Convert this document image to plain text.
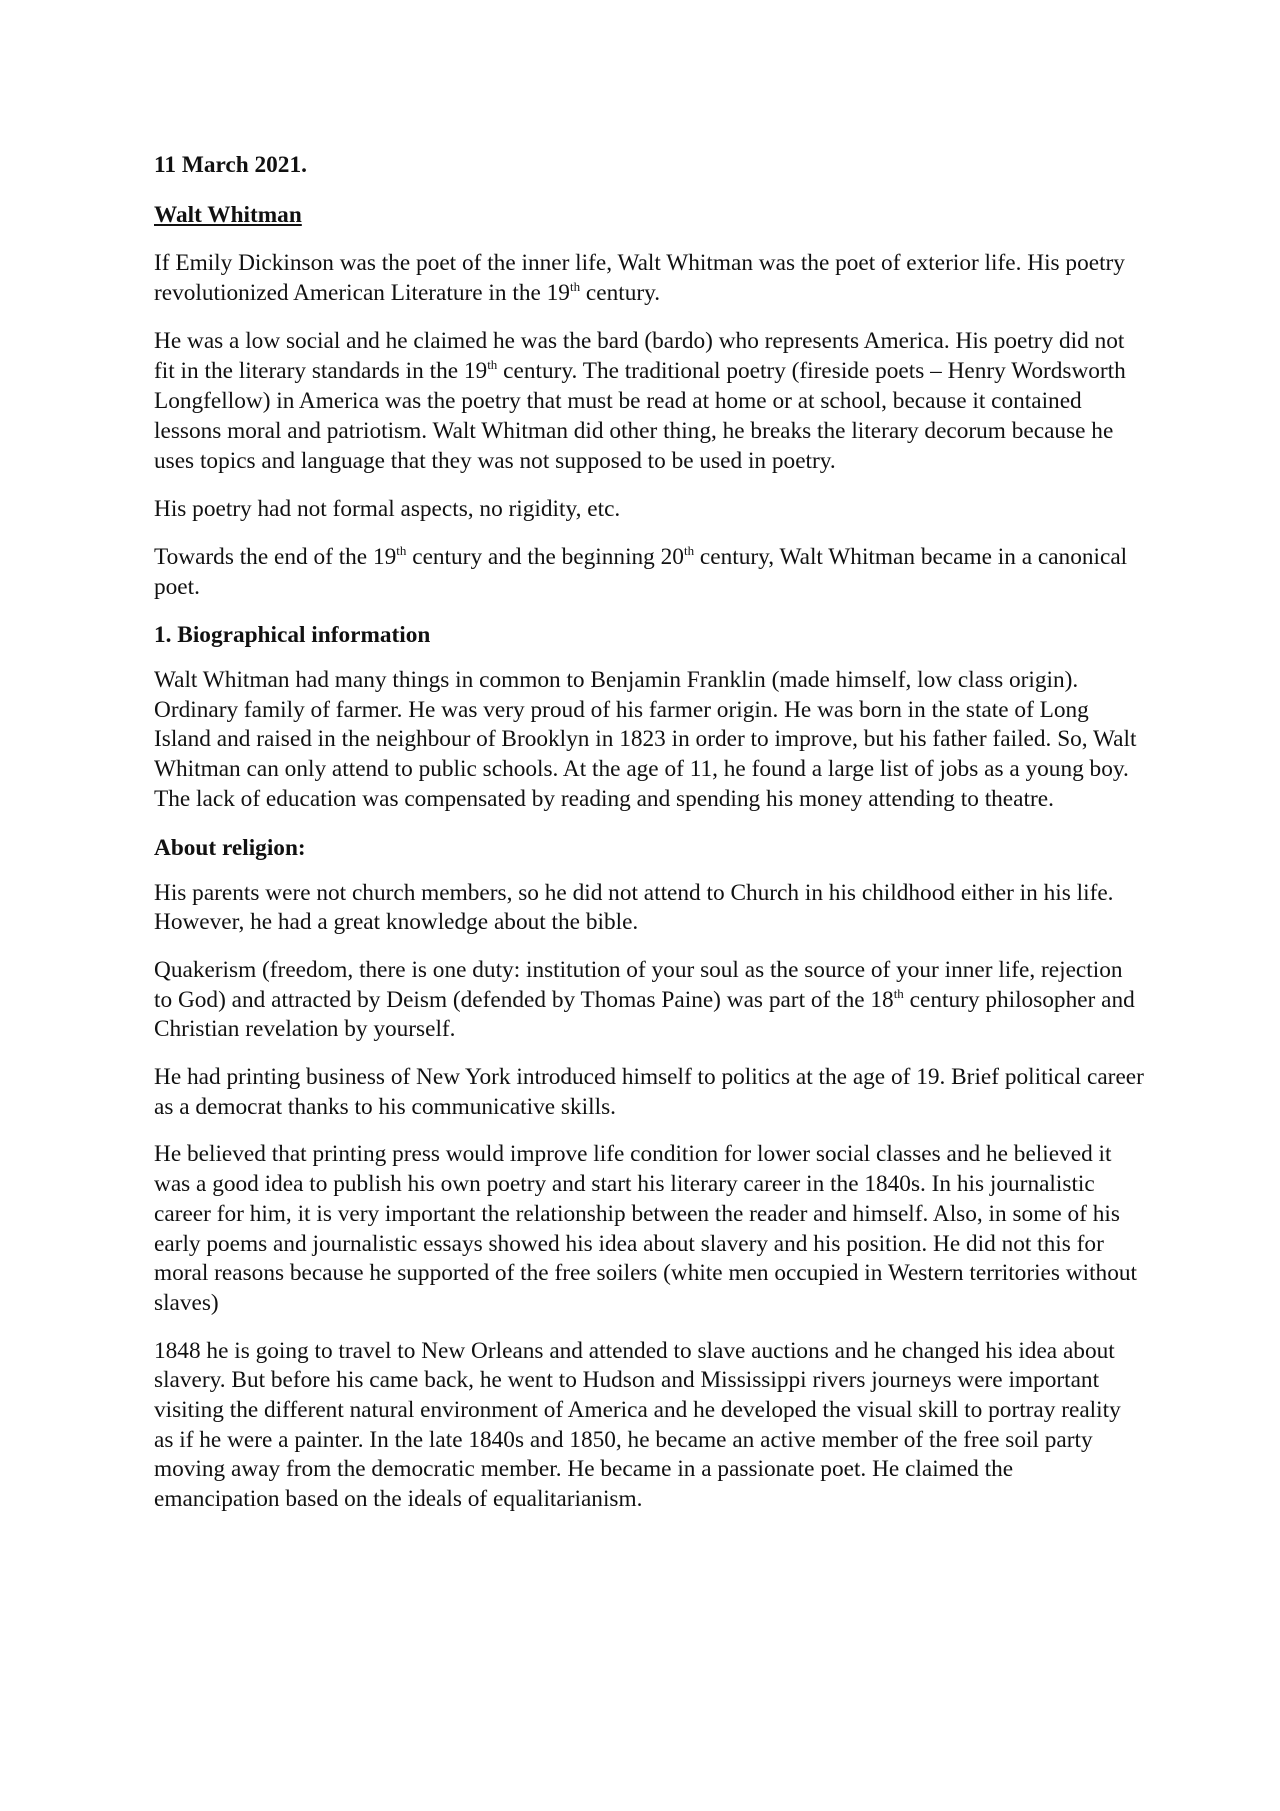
11 March 2021.

Walt Whitman

If Emily Dickinson was the poet of the inner life, Walt Whitman was the poet of exterior life. His poetry revolutionized American Literature in the 19th century.

He was a low social and he claimed he was the bard (bardo) who represents America. His poetry did not fit in the literary standards in the 19th century. The traditional poetry (fireside poets – Henry Wordsworth Longfellow) in America was the poetry that must be read at home or at school, because it contained lessons moral and patriotism. Walt Whitman did other thing, he breaks the literary decorum because he uses topics and language that they was not supposed to be used in poetry.

His poetry had not formal aspects, no rigidity, etc.

Towards the end of the 19th century and the beginning 20th century, Walt Whitman became in a canonical poet.

1. Biographical information

Walt Whitman had many things in common to Benjamin Franklin (made himself, low class origin). Ordinary family of farmer. He was very proud of his farmer origin. He was born in the state of Long Island and raised in the neighbour of Brooklyn in 1823 in order to improve, but his father failed. So, Walt Whitman can only attend to public schools. At the age of 11, he found a large list of jobs as a young boy. The lack of education was compensated by reading and spending his money attending to theatre.

About religion:

His parents were not church members, so he did not attend to Church in his childhood either in his life. However, he had a great knowledge about the bible.

Quakerism (freedom, there is one duty: institution of your soul as the source of your inner life, rejection to God) and attracted by Deism (defended by Thomas Paine) was part of the 18th century philosopher and Christian revelation by yourself.

He had printing business of New York introduced himself to politics at the age of 19. Brief political career as a democrat thanks to his communicative skills.

He believed that printing press would improve life condition for lower social classes and he believed it was a good idea to publish his own poetry and start his literary career in the 1840s. In his journalistic career for him, it is very important the relationship between the reader and himself. Also, in some of his early poems and journalistic essays showed his idea about slavery and his position. He did not this for moral reasons because he supported of the free soilers (white men occupied in Western territories without slaves)

1848 he is going to travel to New Orleans and attended to slave auctions and he changed his idea about slavery. But before his came back, he went to Hudson and Mississippi rivers journeys were important visiting the different natural environment of America and he developed the visual skill to portray reality as if he were a painter. In the late 1840s and 1850, he became an active member of the free soil party moving away from the democratic member. He became in a passionate poet. He claimed the emancipation based on the ideals of equalitarianism.
